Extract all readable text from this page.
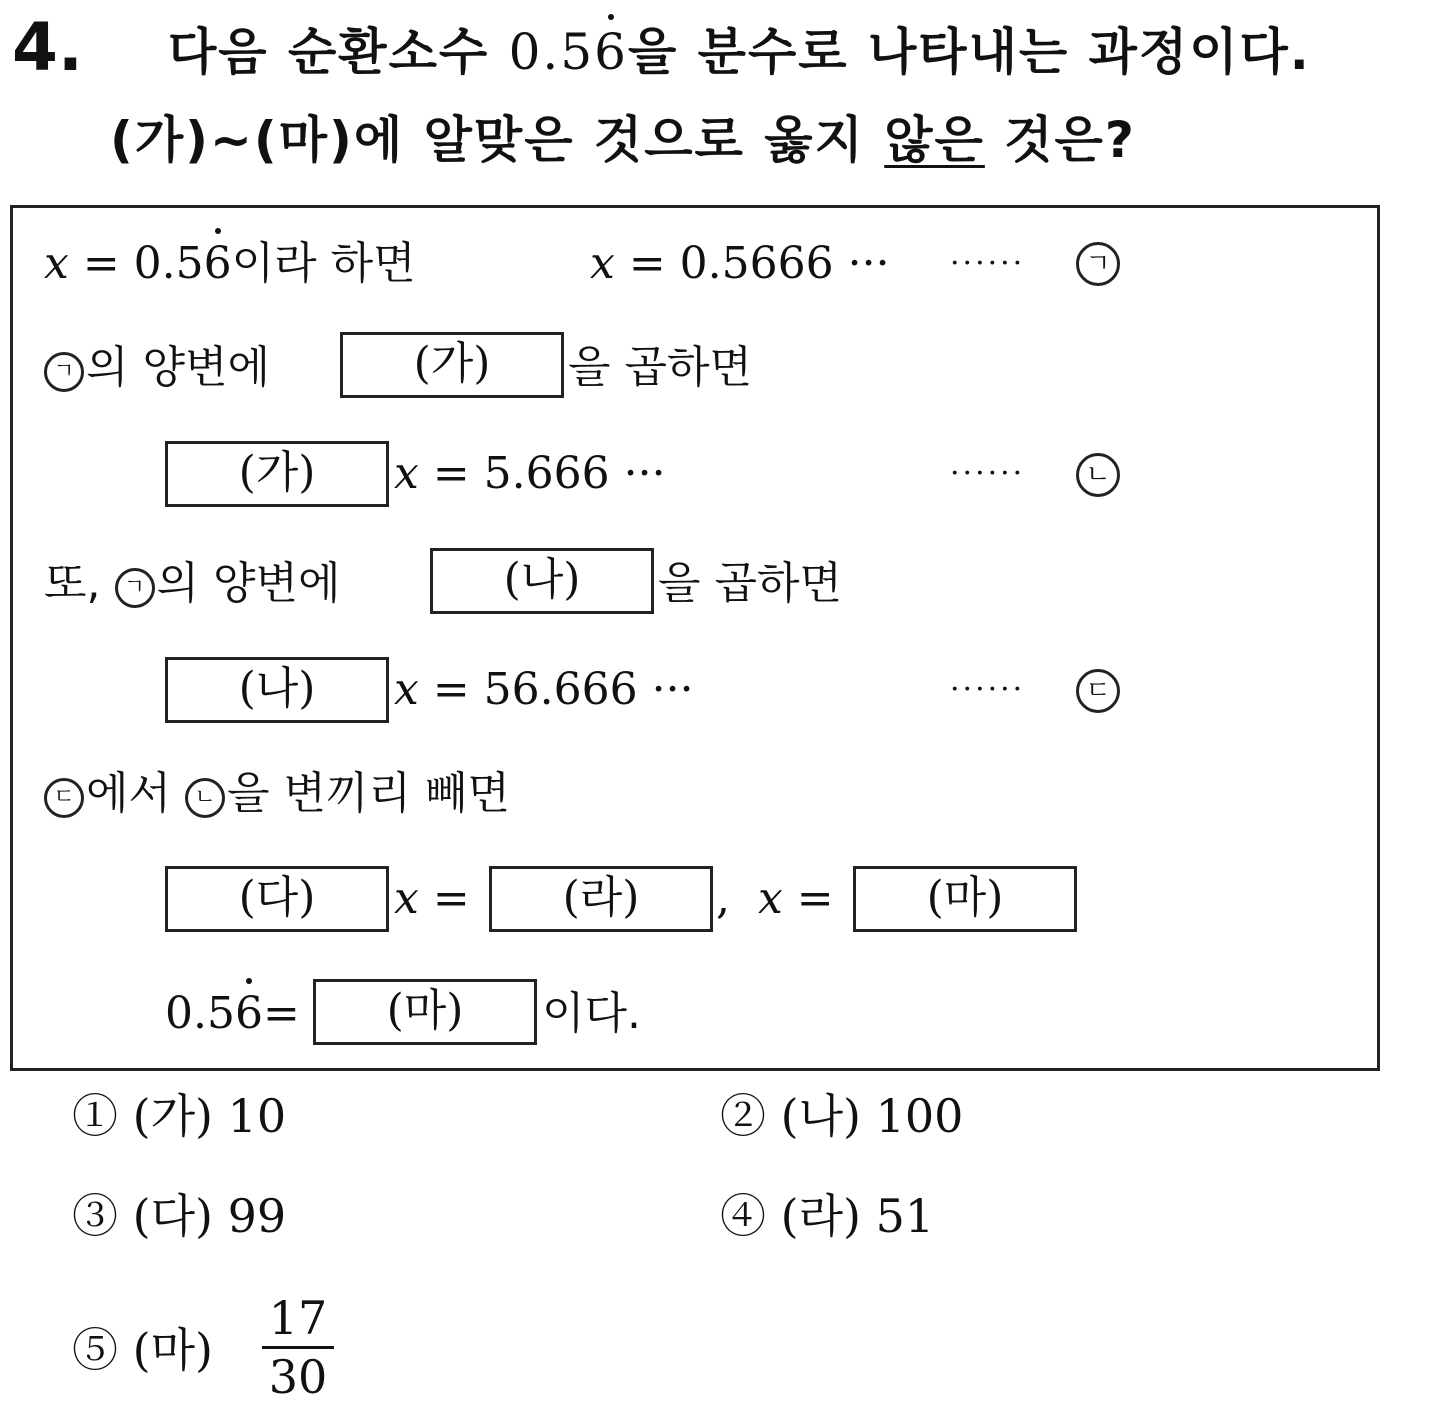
4. 다음 순환소수 0.56을 분수로 나타내는 과정이다.
(가)~(마)에 알맞은 것으로 옳지 않은 것은?
x = 0.56이라 하면	x = 0.5666 ··· ······	ㄱ
ㄱ 의 양변에	(가)	을 곱하면
(가)	x = 5.666 ···	······	ㄴ
또, ㄱ 의 양변에	(나)	을 곱하면
(나)	x = 56.666 ···	······	ㄷ
ㄷ 에서 ㄴ 을 변끼리 빼면
(다)	x =	(라)	, x =	(마)
0.56=	(마)	이다.
① (가) 10	② (나) 100
③ (다) 99	④ (라) 51
⑤ (마)
17
30
